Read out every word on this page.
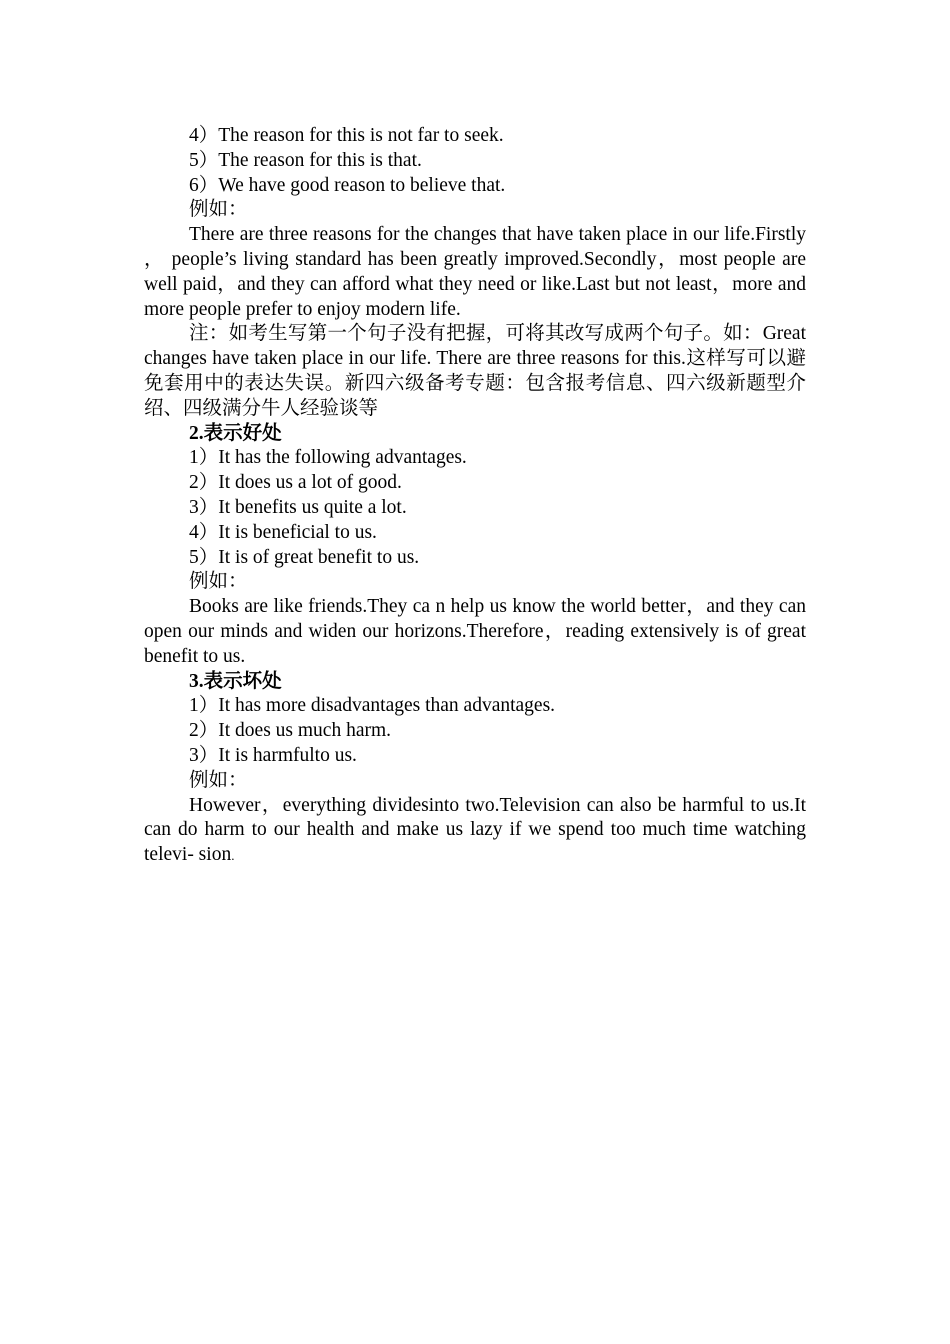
4）The reason for this is not far to seek.

5）The reason for this is that.

6）We have good reason to believe that.

例如：

There are three reasons for the changes that have taken place in our life.Firstly ， people’s living standard has been greatly improved.Secondly，most people are well paid，and they can afford what they need or like.Last but not least，more and more people prefer to enjoy modern life.

注：如考生写第一个句子没有把握，可将其改写成两个句子。如：Great changes have taken place in our life. There are three reasons for this.这样写可以避免套用中的表达失误。新四六级备考专题：包含报考信息、四六级新题型介绍、四级满分牛人经验谈等

2.表示好处

1）It has the following advantages.

2）It does us a lot of good.

3）It benefits us quite a lot.

4）It is beneficial to us.

5）It is of great benefit to us.

例如：

Books are like friends.They ca n help us know the world better，and they can open our minds and widen our horizons.Therefore，reading extensively is of great benefit to us.

3.表示坏处

1）It has more disadvantages than advantages.

2）It does us much harm.

3）It is harmfulto us.

例如：

However，everything dividesinto two.Television can also be harmful to us.It can do harm to our health and make us lazy if we spend too much time watching televi- sion.
